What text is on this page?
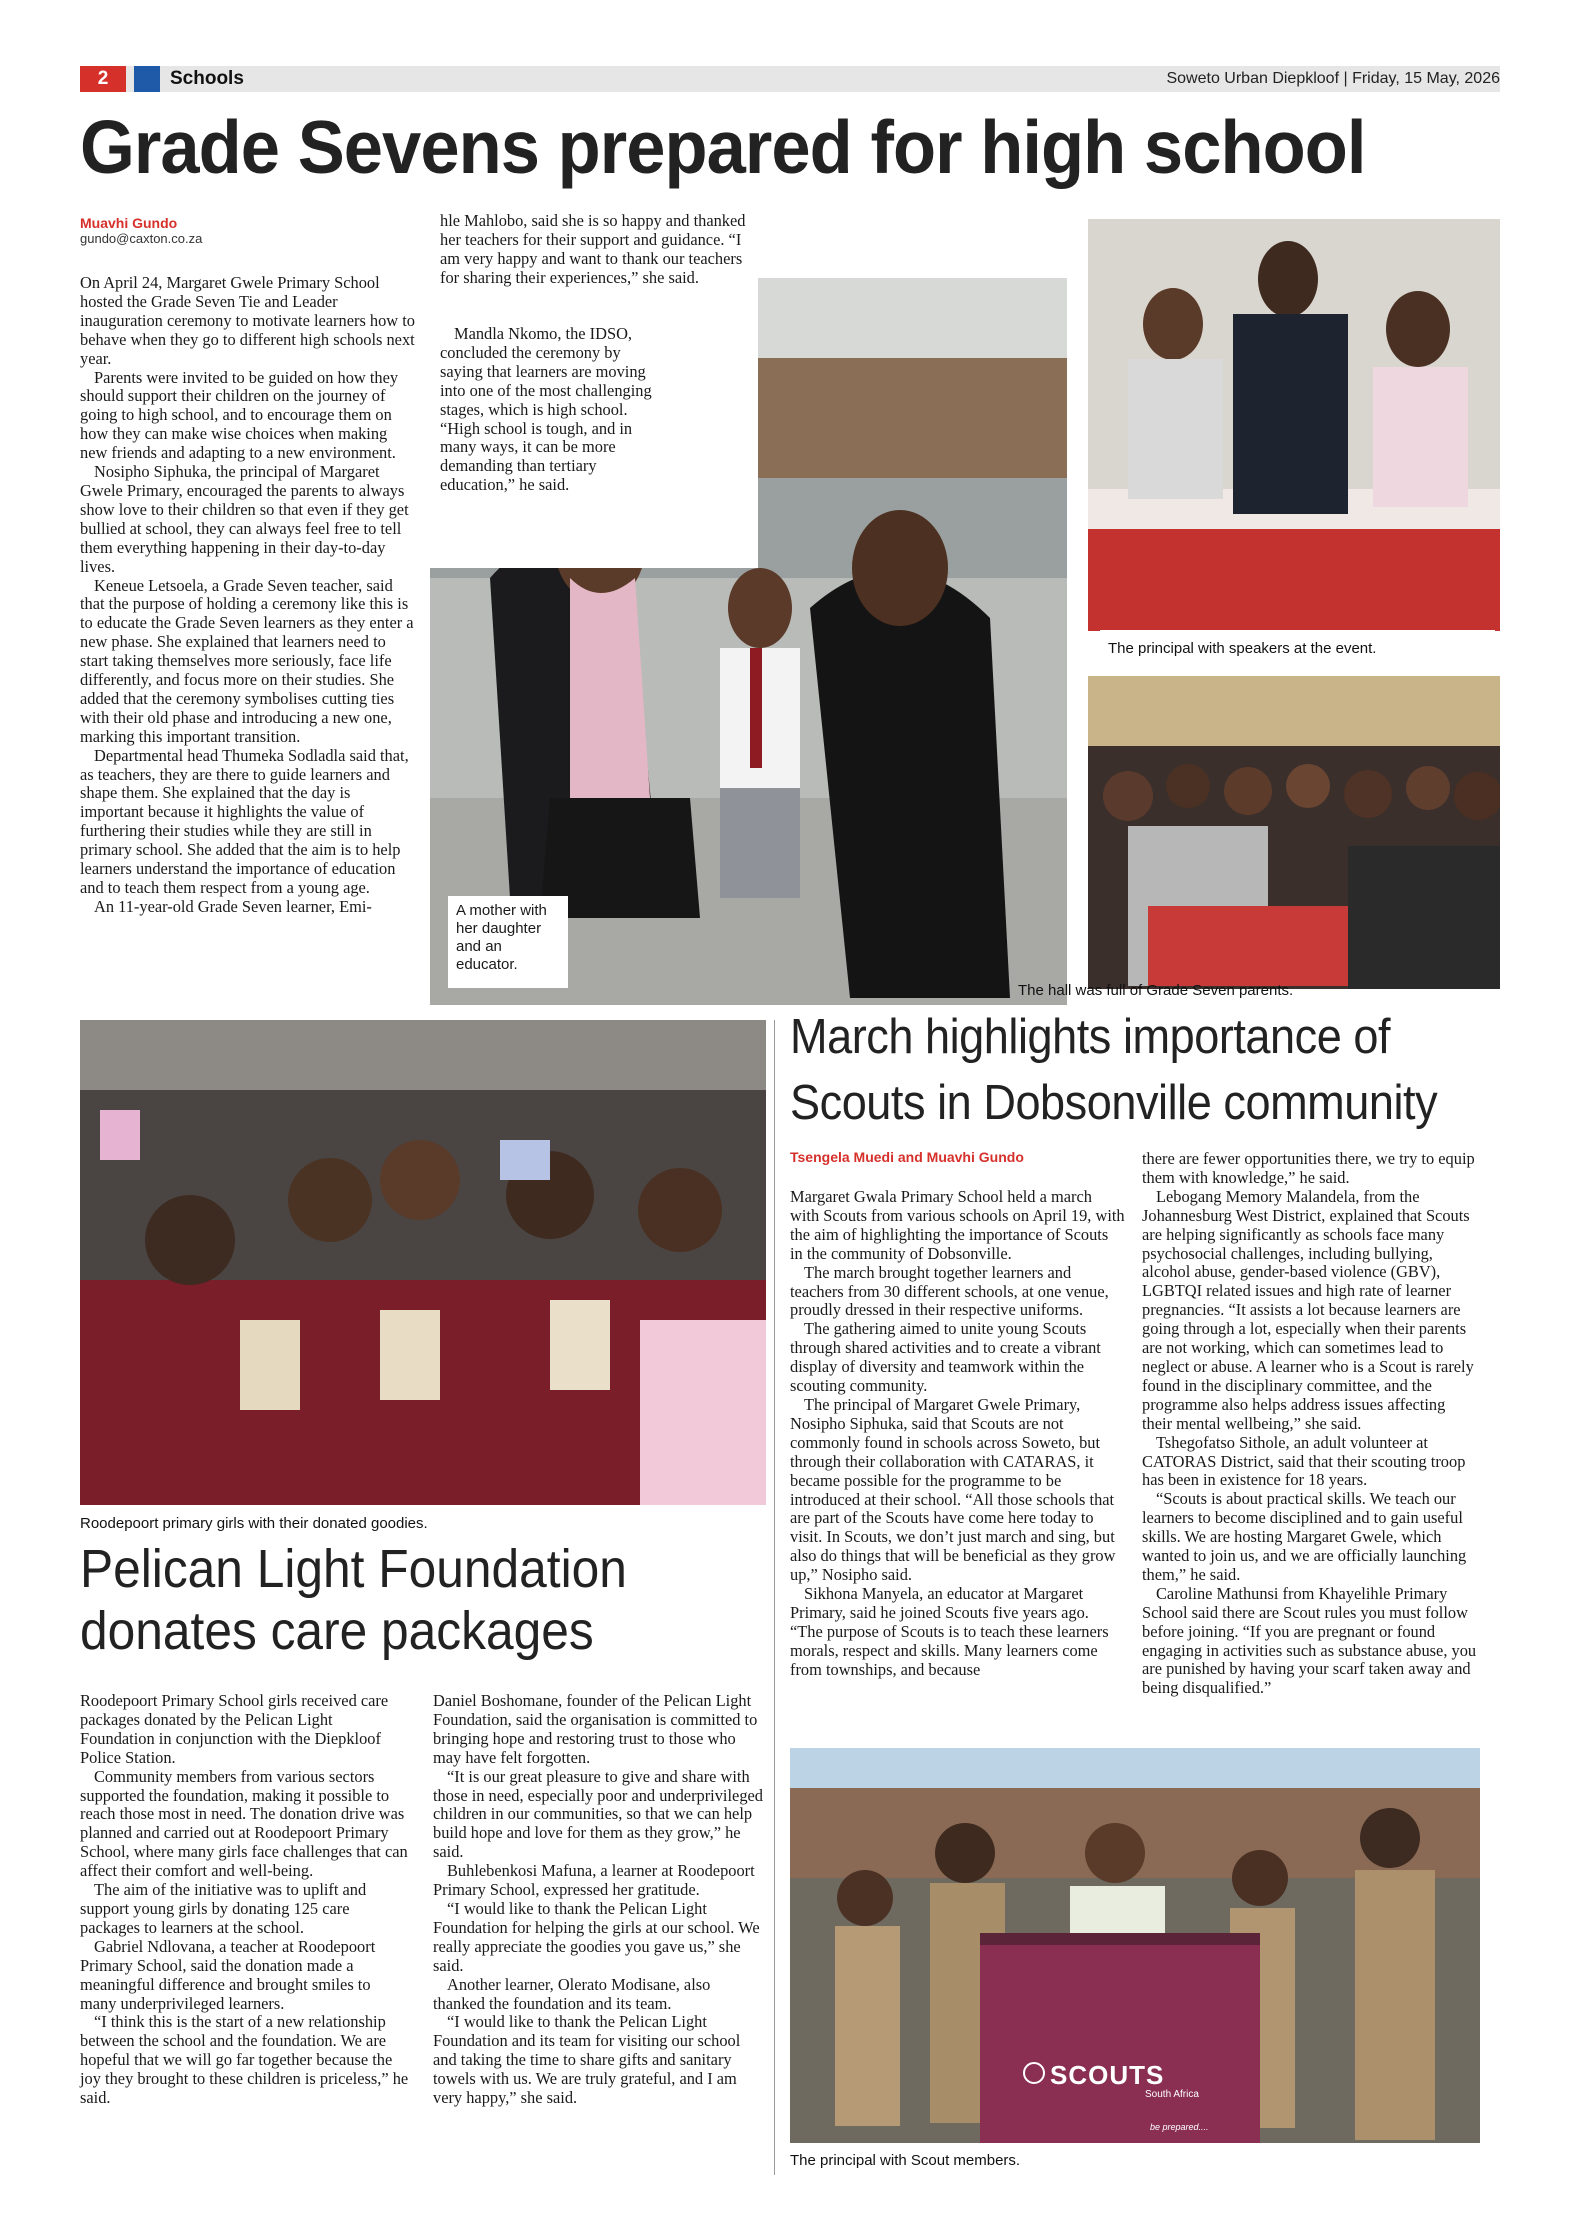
2	Schools	Soweto Urban Diepkloof | Friday, 15 May, 2026
Grade Sevens prepared for high school
Muavhi Gundo
gundo@caxton.co.za

On April 24, Margaret Gwele Primary School hosted the Grade Seven Tie and Leader inauguration ceremony to motivate learners how to behave when they go to different high schools next year.

Parents were invited to be guided on how they should support their children on the journey of going to high school, and to encourage them on how they can make wise choices when making new friends and adapting to a new environment.

Nosipho Siphuka, the principal of Margaret Gwele Primary, encouraged the parents to always show love to their children so that even if they get bullied at school, they can always feel free to tell them everything happening in their day-to-day lives.

Keneue Letsoela, a Grade Seven teacher, said that the purpose of holding a ceremony like this is to educate the Grade Seven learners as they enter a new phase. She explained that learners need to start taking themselves more seriously, face life differently, and focus more on their studies. She added that the ceremony symbolises cutting ties with their old phase and introducing a new one, marking this important transition.

Departmental head Thumeka Sodladla said that, as teachers, they are there to guide learners and shape them. She explained that the day is important because it highlights the value of furthering their studies while they are still in primary school. She added that the aim is to help learners understand the importance of education and to teach them respect from a young age.

An 11-year-old Grade Seven learner, Emi-	A mother with her daughter and an educator.

hle Mahlobo, said she is so happy and thanked her teachers for their support and guidance. “I am very happy and want to thank our teachers for sharing their experiences,” she said.

Mandla Nkomo, the IDSO, concluded the ceremony by saying that learners are moving into one of the most challenging stages, which is high school. “High school is tough, and in many ways, it can be more demanding than tertiary education,” he said.

The principal with speakers at the event.
The hall was full of Grade Seven parents.
Roodepoort primary girls with their donated goodies.
Pelican Light Foundation
donates care packages

Roodepoort Primary School girls received care packages donated by the Pelican Light Foundation in conjunction with the Diepkloof Police Station.

Community members from various sectors supported the foundation, making it possible to reach those most in need. The donation drive was planned and carried out at Roodepoort Primary School, where many girls face challenges that can affect their comfort and well-being.

The aim of the initiative was to uplift and support young girls by donating 125 care packages to learners at the school.

Gabriel Ndlovana, a teacher at Roodepoort Primary School, said the donation made a meaningful difference and brought smiles to many underprivileged learners.

“I think this is the start of a new relationship between the school and the foundation. We are hopeful that we will go far together because the joy they brought to these children is priceless,” he said.

Daniel Boshomane, founder of the Pelican Light Foundation, said the organisation is committed to bringing hope and restoring trust to those who may have felt forgotten.

“It is our great pleasure to give and share with those in need, especially poor and underprivileged children in our communities, so that we can help build hope and love for them as they grow,” he said.

Buhlebenkosi Mafuna, a learner at Roodepoort Primary School, expressed her gratitude.

“I would like to thank the Pelican Light Foundation for helping the girls at our school. We really appreciate the goodies you gave us,” she said.

Another learner, Olerato Modisane, also thanked the foundation and its team.

“I would like to thank the Pelican Light Foundation and its team for visiting our school and taking the time to share gifts and sanitary towels with us. We are truly grateful, and I am very happy,” she said.

March highlights importance of
Scouts in Dobsonville community
Tsengela Muedi and Muavhi Gundo

Margaret Gwala Primary School held a march with Scouts from various schools on April 19, with the aim of highlighting the importance of Scouts in the community of Dobsonville.

The march brought together learners and teachers from 30 different schools, at one venue, proudly dressed in their respective uniforms.

The gathering aimed to unite young Scouts through shared activities and to create a vibrant display of diversity and teamwork within the scouting community.

The principal of Margaret Gwele Primary, Nosipho Siphuka, said that Scouts are not commonly found in schools across Soweto, but through their collaboration with CATARAS, it became possible for the programme to be introduced at their school. “All those schools that are part of the Scouts have come here today to visit. In Scouts, we don’t just march and sing, but also do things that will be beneficial as they grow up,” Nosipho said.

Sikhona Manyela, an educator at Margaret Primary, said he joined Scouts five years ago. “The purpose of Scouts is to teach these learners morals, respect and skills. Many learners come from townships, and because

there are fewer opportunities there, we try to equip them with knowledge,” he said.

Lebogang Memory Malandela, from the Johannesburg West District, explained that Scouts are helping significantly as schools face many psychosocial challenges, including bullying, alcohol abuse, gender-based violence (GBV), LGBTQI related issues and high rate of learner pregnancies. “It assists a lot because learners are going through a lot, especially when their parents are not working, which can sometimes lead to neglect or abuse. A learner who is a Scout is rarely found in the disciplinary committee, and the programme also helps address issues affecting their mental wellbeing,” she said.

Tshegofatso Sithole, an adult volunteer at CATORAS District, said that their scouting troop has been in existence for 18 years.

“Scouts is about practical skills. We teach our learners to become disciplined and to gain useful skills. We are hosting Margaret Gwele, which wanted to join us, and we are officially launching them,” he said.

Caroline Mathunsi from Khayelihle Primary School said there are Scout rules you must follow before joining. “If you are pregnant or found engaging in activities such as substance abuse, you are punished by having your scarf taken away and being disqualified.”

SCOUTS
South Africa
be prepared....
The principal with Scout members.
